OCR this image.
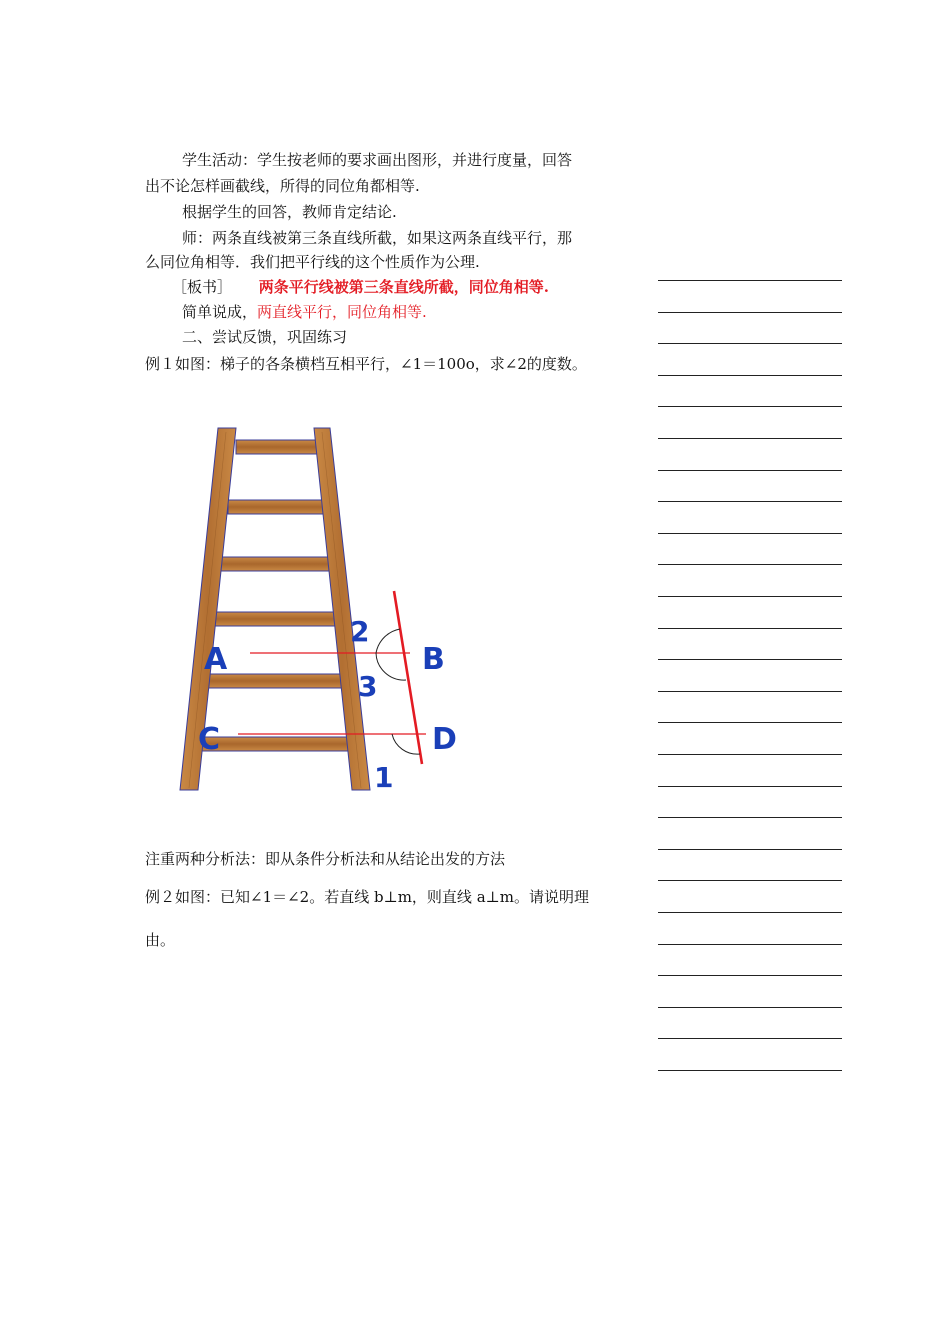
学生活动：学生按老师的要求画出图形，并进行度量，回答
出不论怎样画截线，所得的同位角都相等.
根据学生的回答，教师肯定结论.
师：两条直线被第三条直线所截，如果这两条直线平行，那
么同位角相等．我们把平行线的这个性质作为公理.
［板书］ 两条平行线被第三条直线所截，同位角相等.
简单说成，两直线平行，同位角相等.
二、尝试反馈，巩固练习
例１如图：梯子的各条横档互相平行，∠1＝100o，求∠2的度数。
A	B
C	D
2
3
1
注重两种分析法：即从条件分析法和从结论出发的方法
例２如图：已知∠1＝∠2。若直线 b⊥m，则直线 a⊥m。请说明理
由。
